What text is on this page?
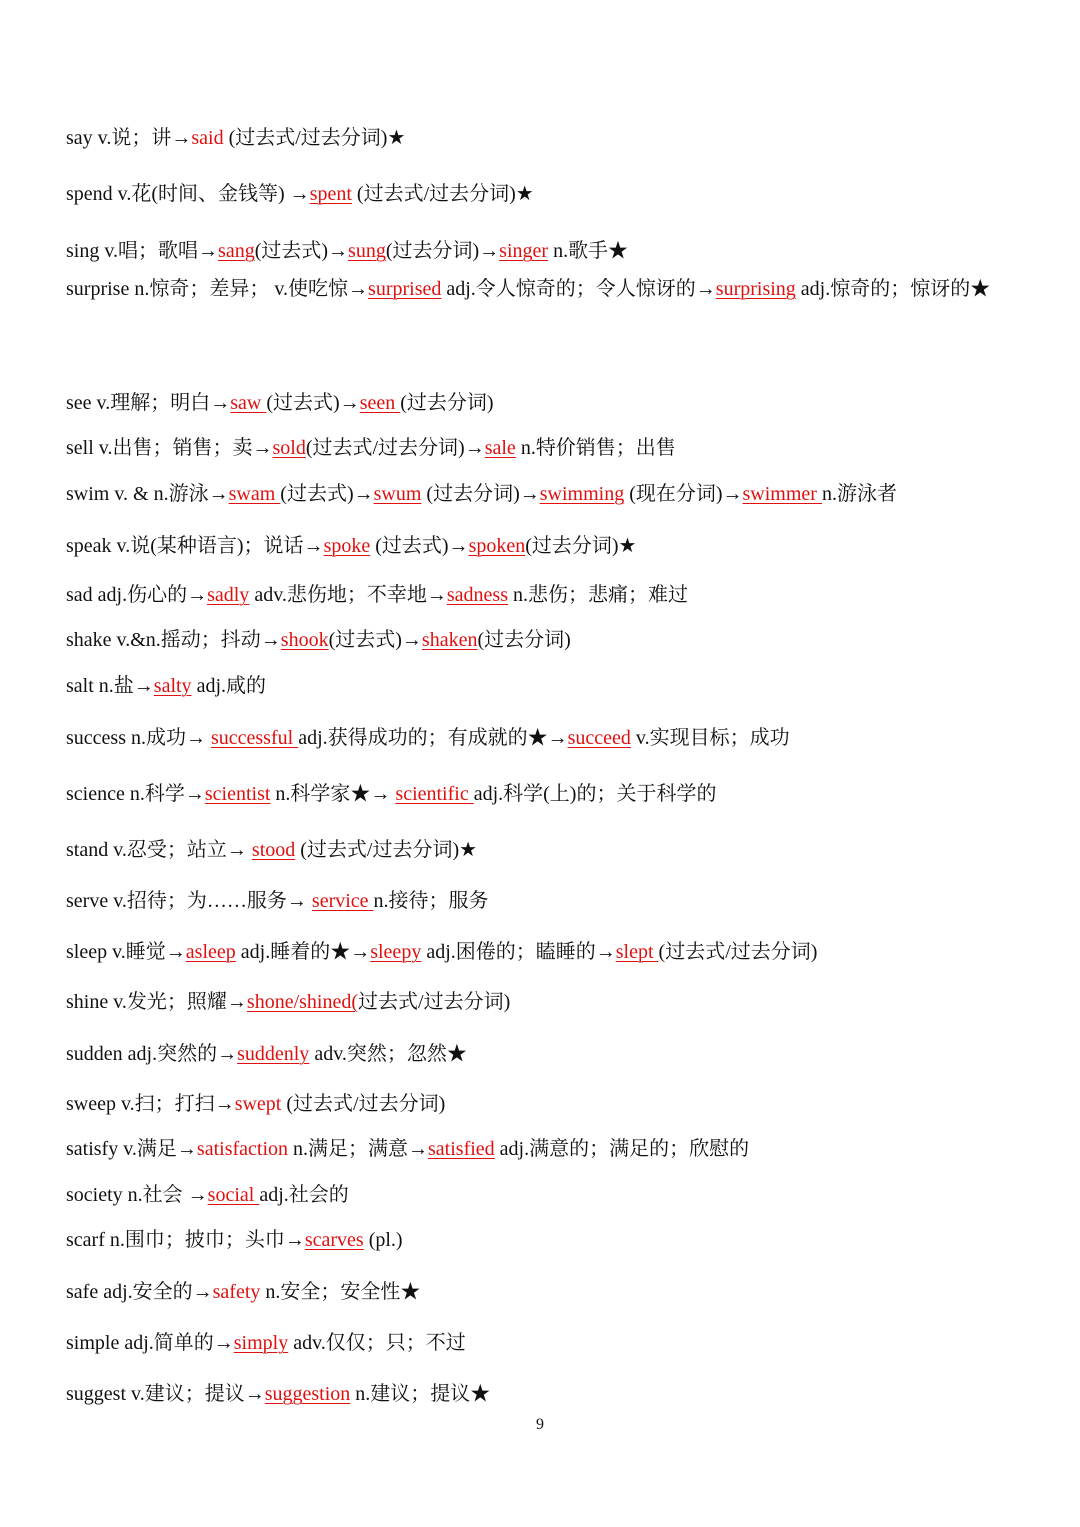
say v.说；讲→said (过去式/过去分词)★
spend v.花(时间、金钱等) →spent (过去式/过去分词)★
sing v.唱；歌唱→sang(过去式)→sung(过去分词)→singer n.歌手★
surprise n.惊奇；差异； v.使吃惊→surprised adj.令人惊奇的；令人惊讶的→surprising adj.惊奇的；惊讶的★
see v.理解；明白→saw (过去式)→seen (过去分词)
sell v.出售；销售；卖→sold(过去式/过去分词)→sale n.特价销售；出售
swim v. & n.游泳→swam (过去式)→swum (过去分词)→swimming (现在分词)→swimmer n.游泳者
speak v.说(某种语言)；说话→spoke (过去式)→spoken(过去分词)★
sad adj.伤心的→sadly adv.悲伤地；不幸地→sadness n.悲伤；悲痛；难过
shake v.&n.摇动；抖动→shook(过去式)→shaken(过去分词)
salt n.盐→salty adj.咸的
success n.成功→ successful adj.获得成功的；有成就的★→succeed v.实现目标；成功
science n.科学→scientist n.科学家★→ scientific adj.科学(上)的；关于科学的
stand v.忍受；站立→ stood (过去式/过去分词)★
serve v.招待；为……服务→ service n.接待；服务
sleep v.睡觉→asleep adj.睡着的★→sleepy adj.困倦的；瞌睡的→slept (过去式/过去分词)
shine v.发光；照耀→shone/shined(过去式/过去分词)
sudden adj.突然的→suddenly adv.突然；忽然★
sweep v.扫；打扫→swept (过去式/过去分词)
satisfy v.满足→satisfaction n.满足；满意→satisfied adj.满意的；满足的；欣慰的
society n.社会 →social adj.社会的
scarf n.围巾；披巾；头巾→scarves (pl.)
safe adj.安全的→safety n.安全；安全性★
simple adj.简单的→simply adv.仅仅；只；不过
suggest v.建议；提议→suggestion n.建议；提议★
9
